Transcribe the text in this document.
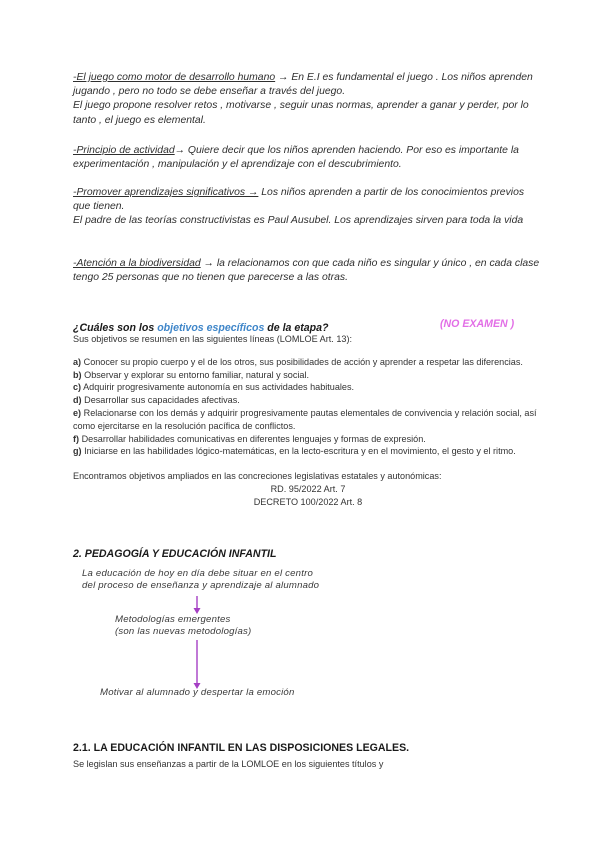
-El juego como motor de desarrollo humano → En E.I es fundamental el juego . Los niños aprenden jugando , pero no todo se debe enseñar a través del juego.

El juego propone resolver retos , motivarse , seguir unas normas, aprender a ganar y perder, por lo tanto , el juego es elemental.

-Principio de actividad→ Quiere decir que los niños aprenden haciendo. Por eso es importante la experimentación , manipulación y el aprendizaje con el descubrimiento.

-Promover aprendizajes significativos → Los niños aprenden a partir de los conocimientos previos que tienen.

El padre de las teorías constructivistas es Paul Ausubel. Los aprendizajes sirven para toda la vida

-Atención a la biodiversidad → la relacionamos con que cada niño es singular y único , en cada clase tengo 25 personas que no tienen que parecerse a las otras.

¿Cuáles son los objetivos específicos de la etapa?	(NO EXAMEN )

Sus objetivos se resumen en las siguientes líneas (LOMLOE Art. 13):

a) Conocer su propio cuerpo y el de los otros, sus posibilidades de acción y aprender a respetar las diferencias.

b) Observar y explorar su entorno familiar, natural y social.

c) Adquirir progresivamente autonomía en sus actividades habituales.

d) Desarrollar sus capacidades afectivas.

e) Relacionarse con los demás y adquirir progresivamente pautas elementales de convivencia y relación social, así como ejercitarse en la resolución pacífica de conflictos.

f) Desarrollar habilidades comunicativas en diferentes lenguajes y formas de expresión.

g) Iniciarse en las habilidades lógico-matemáticas, en la lecto-escritura y en el movimiento, el gesto y el ritmo.

Encontramos objetivos ampliados en las concreciones legislativas estatales y autonómicas:

RD. 95/2022 Art. 7

DECRETO 100/2022 Art. 8

2. PEDAGOGÍA Y EDUCACIÓN INFANTIL
La educación de hoy en día debe situar en el centro
del proceso de enseñanza y aprendizaje al alumnado
Metodologías emergentes
(son las nuevas metodologías)
Motivar al alumnado y despertar la emoción
2.1. LA EDUCACIÓN INFANTIL EN LAS DISPOSICIONES LEGALES.
Se legislan sus enseñanzas a partir de la LOMLOE en los siguientes títulos y
